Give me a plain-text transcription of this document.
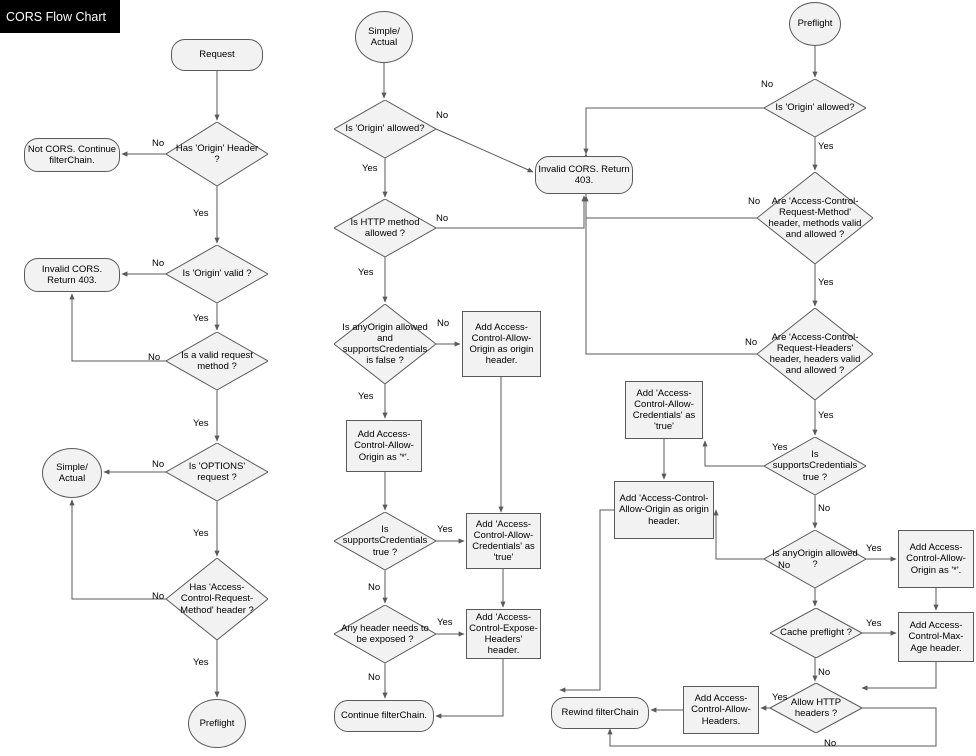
CORS Flow Chart
Request
Has 'Origin' Header ?
Not CORS. Continue filterChain.
Is 'Origin' valid ?
Invalid CORS. Return 403.
Is a valid request method ?
Is 'OPTIONS' request ?
Simple/ Actual
Has 'Access-Control-Request-Method' header ?
Preflight
Simple/ Actual
Is 'Origin' allowed?
Invalid CORS. Return 403.
Is HTTP method allowed ?
Is anyOrigin allowed and supportsCredentials is false ?
Add Access-Control-Allow-Origin as origin header.
Add Access-Control-Allow-Origin as '*'.
Is supportsCredentials true ?
Add 'Access-Control-Allow-Credentials' as 'true'
Any header needs to be exposed ?
Add 'Access-Control-Expose-Headers' header.
Continue filterChain.
Preflight
Is 'Origin' allowed?
Are 'Access-Control-Request-Method' header, methods valid and allowed ?
Are 'Access-Control-Request-Headers' header, headers valid and allowed ?
Add 'Access-Control-Allow-Credentials' as 'true'
Is supportsCredentials true ?
Add 'Access-Control-Allow-Origin as origin header.
Is anyOrigin allowed ?
Add Access-Control-Allow-Origin as '*'.
Cache preflight ?
Add Access-Control-Max-Age header.
Allow HTTP headers ?
Add Access-Control-Allow-Headers.
Rewind filterChain
No
Yes
No
Yes
No
Yes
No
Yes
No
Yes
No
Yes
No
Yes
No
Yes
Yes
No
Yes
No
No
Yes
No
Yes
No
Yes
Yes
No
No
Yes
Yes
No
Yes
No
